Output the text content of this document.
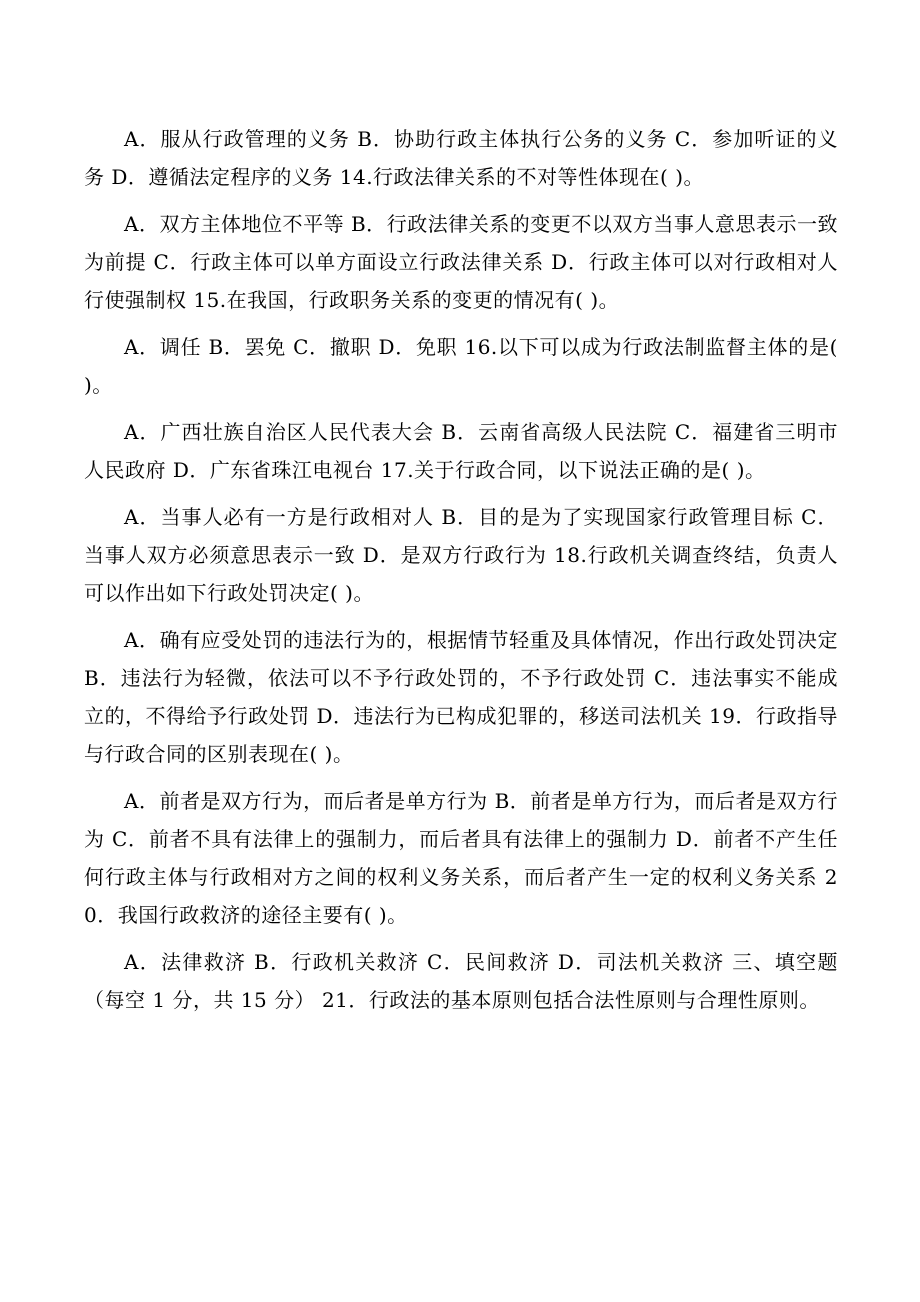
A．服从行政管理的义务 B．协助行政主体执行公务的义务 C．参加听证的义务 D．遵循法定程序的义务 14.行政法律关系的不对等性体现在( )。

A．双方主体地位不平等 B．行政法律关系的变更不以双方当事人意思表示一致为前提 C．行政主体可以单方面设立行政法律关系 D．行政主体可以对行政相对人行使强制权 15.在我国，行政职务关系的变更的情况有( )。

A．调任 B．罢免 C．撤职 D．免职 16.以下可以成为行政法制监督主体的是( )。

A．广西壮族自治区人民代表大会 B．云南省高级人民法院 C．福建省三明市人民政府 D．广东省珠江电视台 17.关于行政合同，以下说法正确的是( )。

A．当事人必有一方是行政相对人 B．目的是为了实现国家行政管理目标 C．当事人双方必须意思表示一致 D．是双方行政行为 18.行政机关调查终结，负责人可以作出如下行政处罚决定( )。

A．确有应受处罚的违法行为的，根据情节轻重及具体情况，作出行政处罚决定 B．违法行为轻微，依法可以不予行政处罚的，不予行政处罚 C．违法事实不能成立的，不得给予行政处罚 D．违法行为已构成犯罪的，移送司法机关 19．行政指导与行政合同的区别表现在( )。

A．前者是双方行为，而后者是单方行为 B．前者是单方行为，而后者是双方行为 C．前者不具有法律上的强制力，而后者具有法律上的强制力 D．前者不产生任何行政主体与行政相对方之间的权利义务关系，而后者产生一定的权利义务关系 20．我国行政救济的途径主要有( )。

A．法律救济 B．行政机关救济 C．民间救济 D．司法机关救济 三、填空题（每空 1 分，共 15 分） 21．行政法的基本原则包括合法性原则与合理性原则。
